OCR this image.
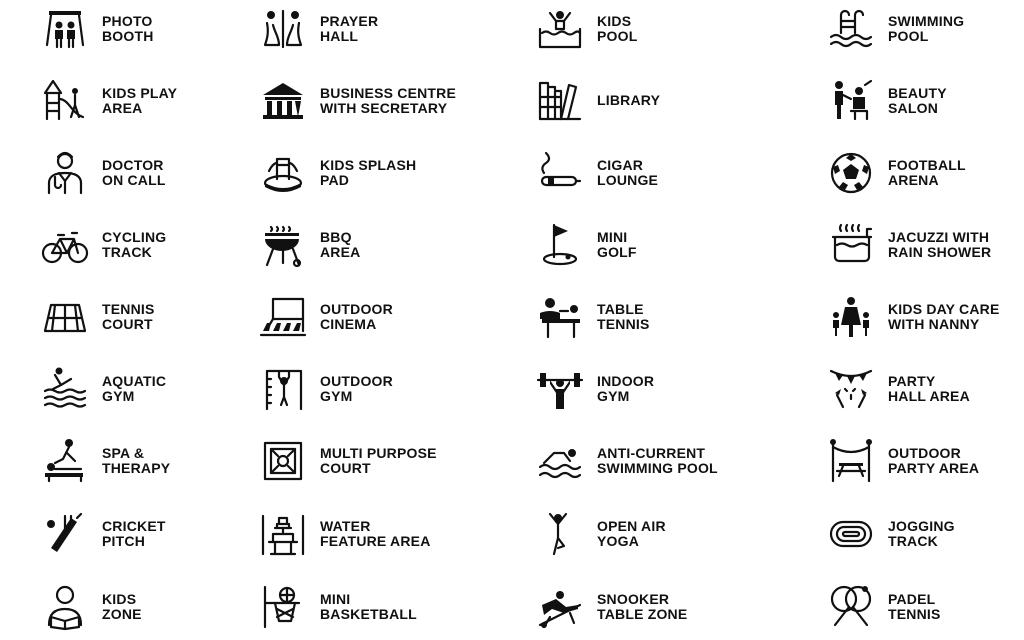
PHOTO
BOOTH
PRAYER
HALL
KIDS
POOL
SWIMMING
POOL
KIDS PLAY
AREA
BUSINESS CENTRE
WITH SECRETARY	LIBRARY	BEAUTY
SALON
DOCTOR
ON CALL
KIDS SPLASH
PAD
CIGAR
LOUNGE
FOOTBALL
ARENA
CYCLING
TRACK
BBQ
AREA
MINI
GOLF
JACUZZI WITH
RAIN SHOWER
TENNIS
COURT
OUTDOOR
CINEMA
TABLE
TENNIS
KIDS DAY CARE
WITH NANNY
AQUATIC
GYM
OUTDOOR
GYM
INDOOR
GYM
PARTY
HALL AREA
SPA &
THERAPY
MULTI PURPOSE
COURT
ANTI-CURRENT
SWIMMING POOL
OUTDOOR
PARTY AREA
CRICKET
PITCH
WATER
FEATURE AREA
OPEN AIR
YOGA
JOGGING
TRACK
KIDS
ZONE
MINI
BASKETBALL
SNOOKER
TABLE ZONE
PADEL
TENNIS
